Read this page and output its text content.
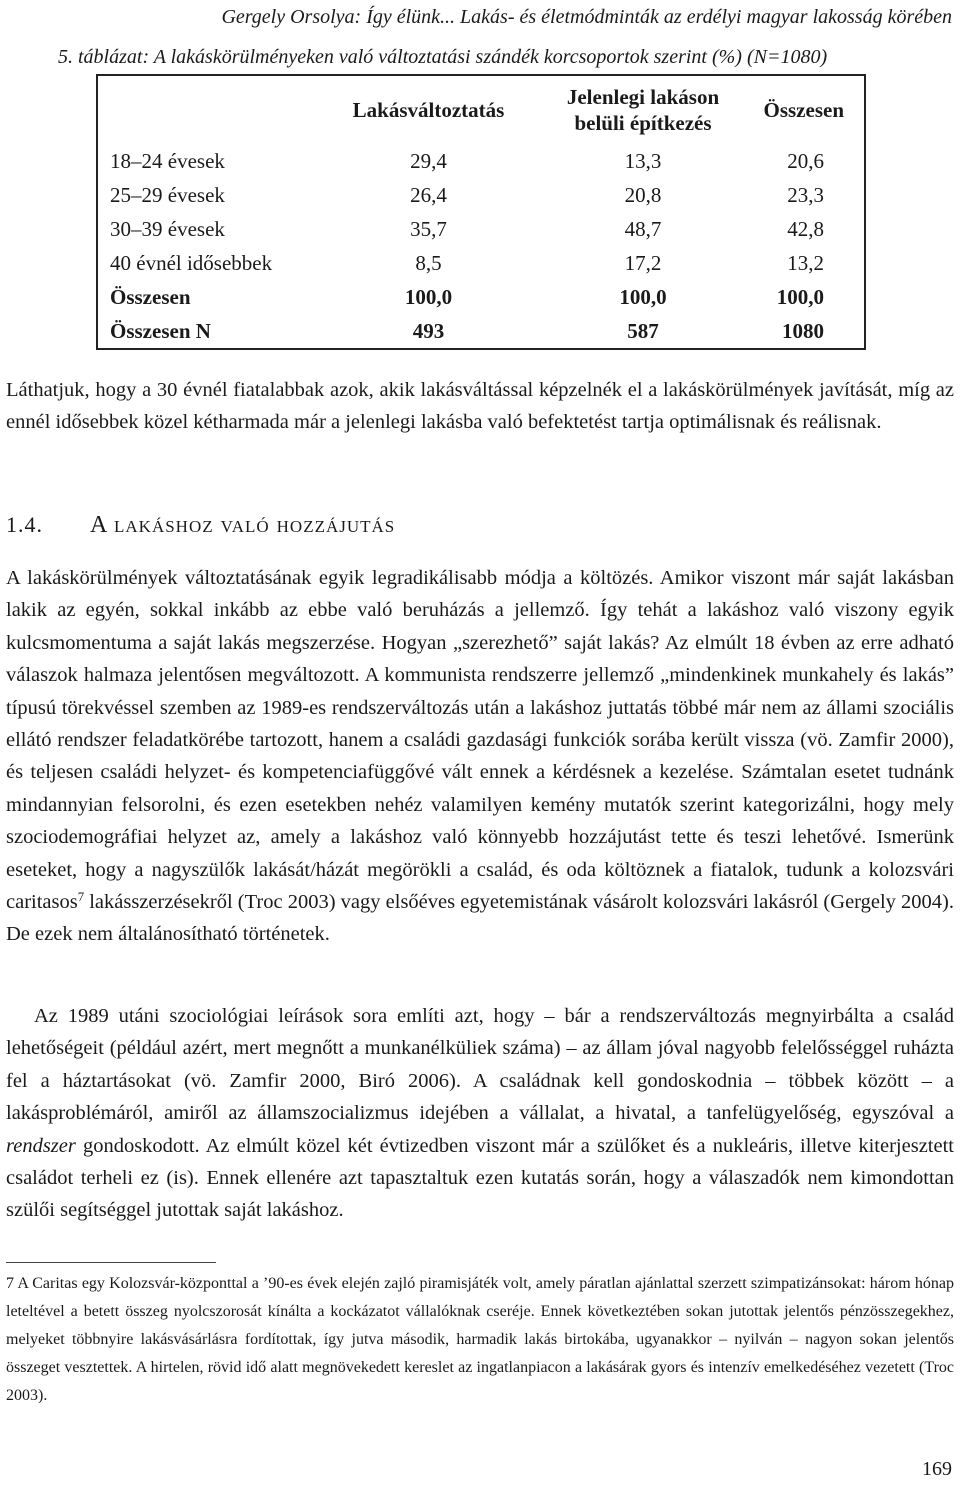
Gergely Orsolya: Így élünk... Lakás- és életmódminták az erdélyi magyar lakosság körében
5. táblázat: A lakáskörülményeken való változtatási szándék korcsoportok szerint (%) (N=1080)
	Lakásváltoztatás	Jelenlegi lakáson belüli építkezés	Összesen
18–24 évesek	29,4	13,3	20,6
25–29 évesek	26,4	20,8	23,3
30–39 évesek	35,7	48,7	42,8
40 évnél idősebbek	8,5	17,2	13,2
Összesen	100,0	100,0	100,0
Összesen N	493	587	1080

Láthatjuk, hogy a 30 évnél fiatalabbak azok, akik lakásváltással képzelnék el a lakáskörülmények javítását, míg az ennél idősebbek közel kétharmada már a jelenlegi lakásba való befektetést tartja optimálisnak és reálisnak.

1.4. A lakáshoz való hozzájutás

A lakáskörülmények változtatásának egyik legradikálisabb módja a költözés. Amikor viszont már saját lakásban lakik az egyén, sokkal inkább az ebbe való beruházás a jellemző. Így tehát a lakáshoz való viszony egyik kulcsmomentuma a saját lakás megszerzése. Hogyan „szerezhető” saját lakás? Az elmúlt 18 évben az erre adható válaszok halmaza jelentősen megváltozott. A kommunista rendszerre jellemző „mindenkinek munkahely és lakás” típusú törekvéssel szemben az 1989-es rendszerváltozás után a lakáshoz juttatás többé már nem az állami szociális ellátó rendszer feladatkörébe tartozott, hanem a családi gazdasági funkciók sorába került vissza (vö. Zamfir 2000), és teljesen családi helyzet- és kompetenciafüggővé vált ennek a kérdésnek a kezelése. Számtalan esetet tudnánk mindannyian felsorolni, és ezen esetekben nehéz valamilyen kemény mutatók szerint kategorizálni, hogy mely szociodemográfiai helyzet az, amely a lakáshoz való könnyebb hozzájutást tette és teszi lehetővé. Ismerünk eseteket, hogy a nagyszülők lakását/házát megörökli a család, és oda költöznek a fiatalok, tudunk a kolozsvári caritasos$^7$ lakásszerzésekről (Troc 2003) vagy elsőéves egyetemistának vásárolt kolozsvári lakásról (Gergely 2004). De ezek nem általánosítható történetek.

Az 1989 utáni szociológiai leírások sora említi azt, hogy – bár a rendszerváltozás megnyirbálta a család lehetőségeit (például azért, mert megnőtt a munkanélküliek száma) – az állam jóval nagyobb felelősséggel ruházta fel a háztartásokat (vö. Zamfir 2000, Biró 2006). A családnak kell gondoskodnia – többek között – a lakásproblémáról, amiről az államszocializmus idejében a vállalat, a hivatal, a tanfelügyelőség, egyszóval a rendszer gondoskodott. Az elmúlt közel két évtizedben viszont már a szülőket és a nukleáris, illetve kiterjesztett családot terheli ez (is). Ennek ellenére azt tapasztaltuk ezen kutatás során, hogy a válaszadók nem kimondottan szülői segítséggel jutottak saját lakáshoz.

7 A Caritas egy Kolozsvár-központtal a ’90-es évek elején zajló piramisjáték volt, amely páratlan ajánlattal szerzett szimpatizánsokat: három hónap leteltével a betett összeg nyolcszorosát kínálta a kockázatot vállalóknak cseréje. Ennek következtében sokan jutottak jelentős pénzösszegekhez, melyeket többnyire lakásvásárlásra fordítottak, így jutva második, harmadik lakás birtokába, ugyanakkor – nyilván – nagyon sokan jelentős összeget vesztettek. A hirtelen, rövid idő alatt megnövekedett kereslet az ingatlanpiacon a lakásárak gyors és intenzív emelkedéséhez vezetett (Troc 2003).

169
